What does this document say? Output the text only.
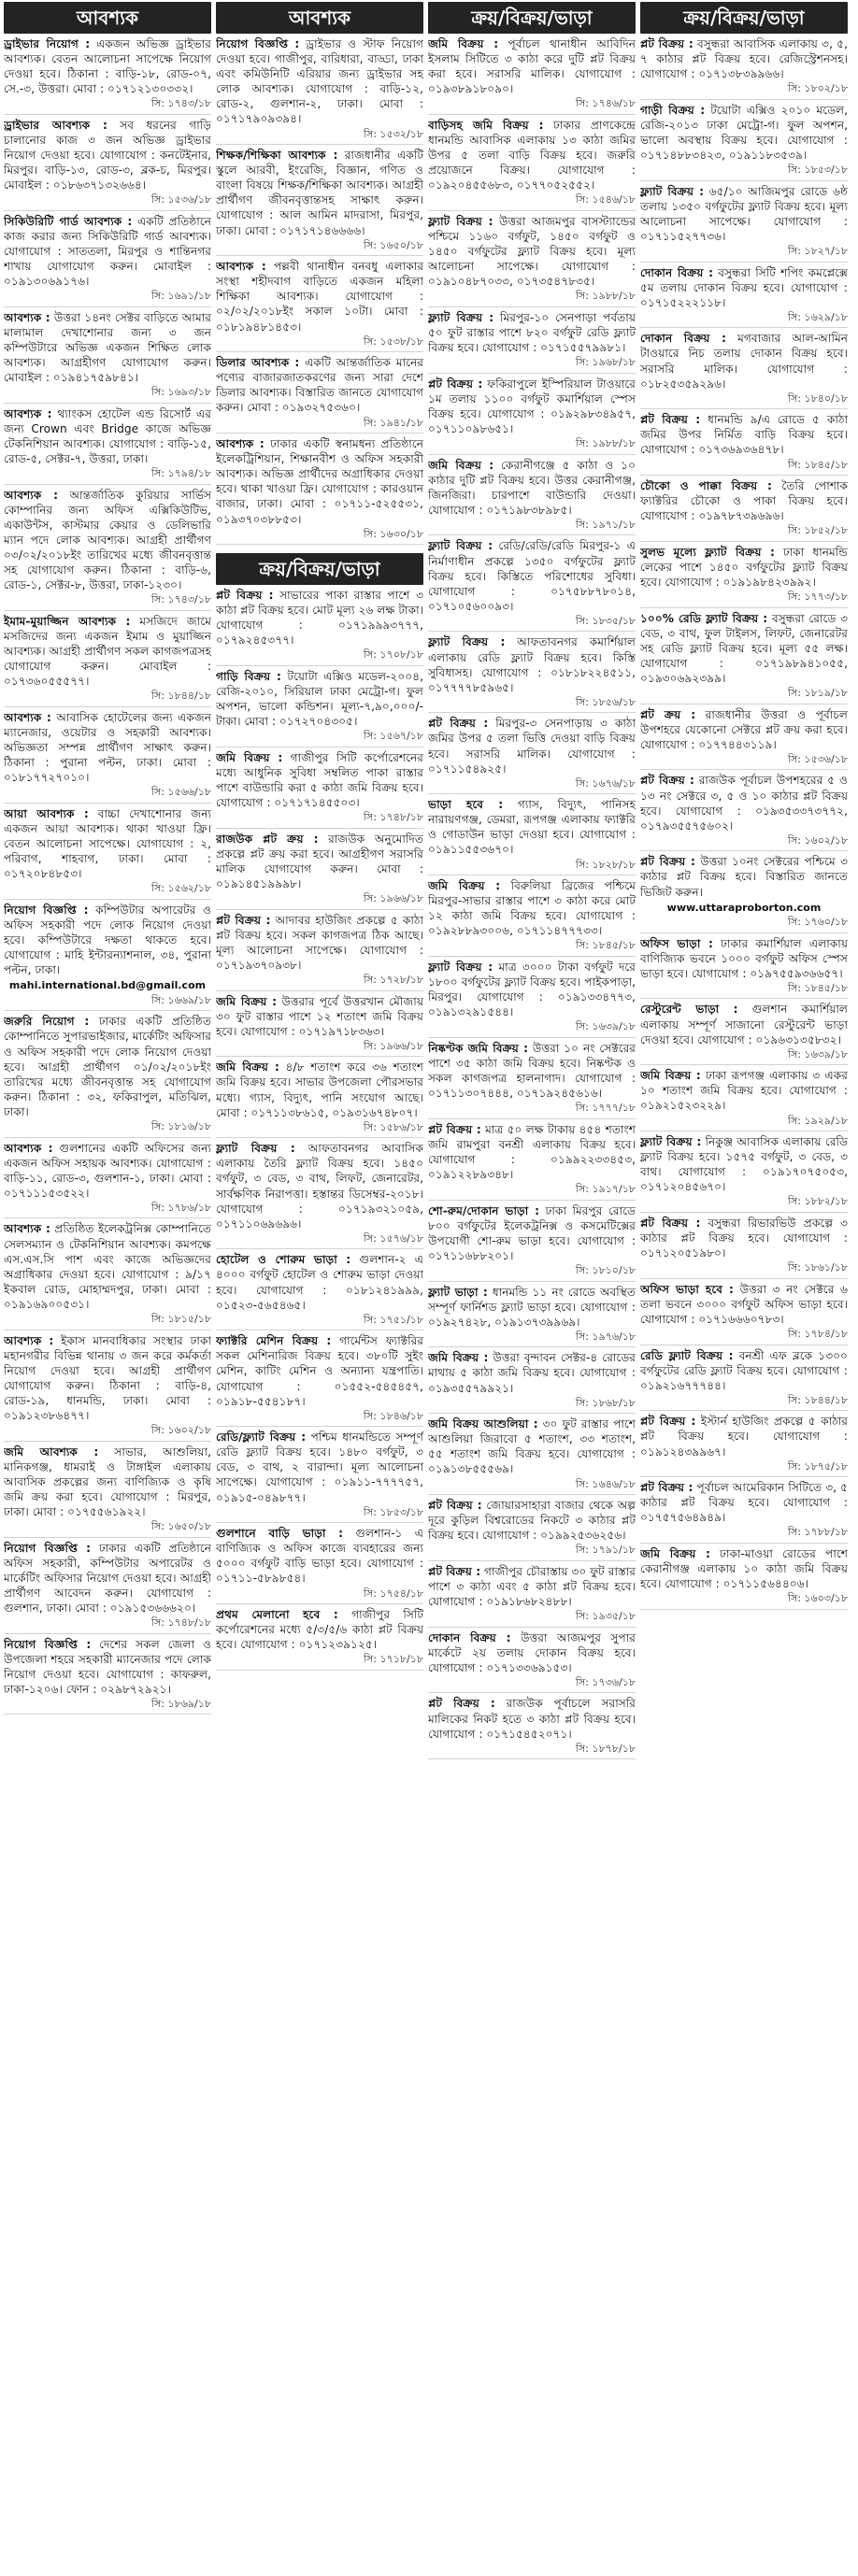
আবশ্যক
ড্রাইভার নিয়োগ : একজন অভিজ্ঞ ড্রাইভার আবশ্যক। বেতন আলোচনা সাপেক্ষে নিয়োগ দেওয়া হবে। ঠিকানা : বাড়ি-১৮, রোড-০৭, সে.-৩, উত্তরা। মোবা : ০১৭১২১৩০৩৩২।
সি: ১৭৪৩/১৮
ড্রাইভার আবশ্যক : সব ধরনের গাড়ি চালানোর কাজ ৩ জন অভিজ্ঞ ড্রাইভার নিয়োগ দেওয়া হবে। যোগাযোগ : কনটেইনার, মিরপুর। বাড়ি-১৩, রোড-৩, ব্লক-চ, মিরপুর। মোবাইল : ০১৮৬৩৭১৩২৬৬৪।
সি: ১৫৩৬/১৮
সিকিউরিটি গার্ড আবশ্যক : একটি প্রতিষ্ঠানে কাজ করার জন্য সিকিউরিটি গার্ড আবশ্যক। যোগাযোগ : সাততলা, মিরপুর ও শান্তিনগর শাখায় যোগাযোগ করুন। মোবাইল : ০১৯১৩০৬৯১৭৬।
সি: ১৬৯১/১৮
আবশ্যক : উত্তরা ১৪নং সেক্টর বাড়িতে আমার মালামাল দেখাশোনার জন্য ৩ জন কম্পিউটারে অভিজ্ঞ একজন শিক্ষিত লোক আবশ্যক। আগ্রহীগণ যোগাযোগ করুন। মোবাইল : ০১৯৪১৭৫৯৮৪১।
সি: ১৬৯৩/১৮
আবশ্যক : থ্যাংকস হোটেল এন্ড রিসোর্ট এর জন্য Crown এবং Bridge কাজে অভিজ্ঞ টেকনিশিয়ান আবশ্যক। যোগাযোগ : বাড়ি-১৫, রোড-৫, সেক্টর-৭, উত্তরা, ঢাকা।
সি: ১৭৯৪/১৮
আবশ্যক : আন্তর্জাতিক কুরিয়ার সার্ভিস কোম্পানির জন্য অফিস এক্সিকিউটিভ, একাউন্টস, কাস্টমার কেয়ার ও ডেলিভারি ম্যান পদে লোক আবশ্যক। আগ্রহী প্রার্থীগণ ০৩/০২/২০১৮ইং তারিখের মধ্যে জীবনবৃত্তান্ত সহ যোগাযোগ করুন। ঠিকানা : বাড়ি-৬, রোড-১, সেক্টর-৮, উত্তরা, ঢাকা-১২৩০।
সি: ১৭৪৩/১৮
ইমাম-মুয়াজ্জিন আবশ্যক : মসজিদে জামে মসজিদের জন্য একজন ইমাম ও মুয়াজ্জিন আবশ্যক। আগ্রহী প্রার্থীগণ সকল কাগজপত্রসহ যোগাযোগ করুন। মোবাইল : ০১৭৩৬০৫৫৫৭৭।
সি: ১৮৪৪/১৮
আবশ্যক : আবাসিক হোটেলের জন্য একজন ম্যানেজার, ওয়েটার ও সহকারী আবশ্যক। অভিজ্ঞতা সম্পন্ন প্রার্থীগণ সাক্ষাৎ করুন। ঠিকানা : পুরানা পল্টন, ঢাকা। মোবা : ০১৮১৭৭২৭০১০।
সি: ১৫৬৬/১৮
আয়া আবশ্যক : বাচ্চা দেখাশোনার জন্য একজন আয়া আবশ্যক। থাকা খাওয়া ফ্রি। বেতন আলোচনা সাপেক্ষে। যোগাযোগ : ২, পরিবাগ, শাহবাগ, ঢাকা। মোবা : ০১৭২০৮৪৮৫৩।
সি: ১৫৬২/১৮
নিয়োগ বিজ্ঞপ্তি : কম্পিউটার অপারেটর ও অফিস সহকারী পদে লোক নিয়োগ দেওয়া হবে। কম্পিউটারে দক্ষতা থাকতে হবে। যোগাযোগ : মাহি ইন্টারন্যাশনাল, ৩৪, পুরানা পল্টন, ঢাকা।
mahi.international.bd@gmail.com
সি: ১৬৬৯/১৮
জরুরি নিয়োগ : ঢাকার একটি প্রতিষ্ঠিত কোম্পানিতে সুপারভাইজার, মার্কেটিং অফিসার ও অফিস সহকারী পদে লোক নিয়োগ দেওয়া হবে। আগ্রহী প্রার্থীগণ ০১/০২/২০১৮ইং তারিখের মধ্যে জীবনবৃত্তান্ত সহ যোগাযোগ করুন। ঠিকানা : ৩২, ফকিরাপুল, মতিঝিল, ঢাকা।
সি: ১৮১৬/১৮
আবশ্যক : গুলশানের একটি অফিসের জন্য একজন অফিস সহায়ক আবশ্যক। যোগাযোগ : বাড়ি-১১, রোড-৩, গুলশান-১, ঢাকা। মোবা : ০১৭১১১৫৩৫২২।
সি: ১৭৮৬/১৮
আবশ্যক : প্রতিষ্ঠিত ইলেকট্রনিক্স কোম্পানিতে সেলসম্যান ও টেকনিশিয়ান আবশ্যক। কমপক্ষে এস.এস.সি পাশ এবং কাজে অভিজ্ঞদের অগ্রাধিকার দেওয়া হবে। যোগাযোগ : ৯/১৭ ইকবাল রোড, মোহাম্মদপুর, ঢাকা। মোবা : ০১৯১৬৯০০৫৩১।
সি: ১৮১৫/১৮
আবশ্যক : ইকাস মানবাধিকার সংস্থার ঢাকা মহানগরীর বিভিন্ন থানায় ৩ জন করে কর্মকর্তা নিয়োগ দেওয়া হবে। আগ্রহী প্রার্থীগণ যোগাযোগ করুন। ঠিকানা : বাড়ি-৪, রোড-১৯, ধানমন্ডি, ঢাকা। মোবা : ০১৯১২৩৮৬৪৭৭।
সি: ১৬০২/১৮
জমি আবশ্যক : সাভার, আশুলিয়া, মানিকগঞ্জ, ধামরাই ও টাঙ্গাইল এলাকায় আবাসিক প্রকল্পের জন্য বাণিজ্যিক ও কৃষি জমি ক্রয় করা হবে। যোগাযোগ : মিরপুর, ঢাকা। মোবা : ০১৭৫৫৬১৯২২।
সি: ১৬৫০/১৮
নিয়োগ বিজ্ঞপ্তি : ঢাকার একটি প্রতিষ্ঠানে অফিস সহকারী, কম্পিউটার অপারেটর ও মার্কেটিং অফিসার নিয়োগ দেওয়া হবে। আগ্রহী প্রার্থীগণ আবেদন করুন। যোগাযোগ : গুলশান, ঢাকা। মোবা : ০১৯১৫৩৬৬৬২০।
সি: ১৭৪৮/১৮
নিয়োগ বিজ্ঞপ্তি : দেশের সকল জেলা ও উপজেলা শহরে সহকারী ম্যানেজার পদে লোক নিয়োগ দেওয়া হবে। যোগাযোগ : কাফরুল, ঢাকা-১২০৬। ফোন : ০২৯৮৭২৯২১।
সি: ১৮৬৯/১৮
আবশ্যক
নিয়োগ বিজ্ঞপ্তি : ড্রাইভার ও স্টাফ নিয়োগ দেওয়া হবে। গাজীপুর, বারিধারা, বাড্ডা, ঢাকা এবং কমিউনিটি এরিয়ার জন্য ড্রাইভার সহ লোক আবশ্যক। যোগাযোগ : বাড়ি-১২, রোড-২, গুলশান-২, ঢাকা। মোবা : ০১৭১৭৯০৯৩৯৪।
সি: ১৫৩২/১৮
শিক্ষক/শিক্ষিকা আবশ্যক : রাজধানীর একটি স্কুলে আরবী, ইংরেজি, বিজ্ঞান, গণিত ও বাংলা বিষয়ে শিক্ষক/শিক্ষিকা আবশ্যক। আগ্রহী প্রার্থীগণ জীবনবৃত্তান্তসহ সাক্ষাৎ করুন। যোগাযোগ : আল আমিন মাদরাসা, মিরপুর, ঢাকা। মোবা : ০১৭১৭১৪৬৬৬৬।
সি: ১৬৫০/১৮
আবশ্যক : পল্লবী থানাধীন বনবধু এলাকার সংস্থা শহীদবাগ বাড়িতে একজন মহিলা শিক্ষিকা আবশ্যক। যোগাযোগ : ০২/০২/২০১৮ইং সকাল ১০টা। মোবা : ০১৮১৯৪৮১৪৫৩।
সি: ১৫৩৮/১৮
ডিলার আবশ্যক : একটি আন্তর্জাতিক মানের পণ্যের বাজারজাতকরণের জন্য সারা দেশে ডিলার আবশ্যক। বিস্তারিত জানতে যোগাযোগ করুন। মোবা : ০১৯৩২৭৫৩৬০।
সি: ১৯৪১/১৮
আবশ্যক : ঢাকার একটি স্বনামধন্য প্রতিষ্ঠানে ইলেকট্রিশিয়ান, শিক্ষানবীশ ও অফিস সহকারী আবশ্যক। অভিজ্ঞ প্রার্থীদের অগ্রাধিকার দেওয়া হবে। থাকা খাওয়া ফ্রি। যোগাযোগ : কারওয়ান বাজার, ঢাকা। মোবা : ০১৭১১-৫২৫৫৩১, ০১৯৩৭০৩৮৮৫৩।
সি: ১৬৩০/১৮
ক্রয়/বিক্রয়/ভাড়া
প্লট বিক্রয় : সাভারের পাকা রাস্তার পাশে ৩ কাঠা প্লট বিক্রয় হবে। মোট মূল্য ২৬ লক্ষ টাকা। যোগাযোগ : ০১৭১৯৯৯৩৭৭৭, ০১৭৯২৪৫৩৭৭।
সি: ১৭০৮/১৮
গাড়ি বিক্রয় : টয়োটা এক্সিও মডেল-২০০৪, রেজি-২০১০, সিরিয়াল ঢাকা মেট্রো-গ। ফুল অপশন, ভালো কন্ডিশন। মূল্য-৭,৯০,০০০/- টাকা। মোবা : ০১৭২৭০৪৩০৫।
সি: ১৫৬৭/১৮
জমি বিক্রয় : গাজীপুর সিটি কর্পোরেশনের মধ্যে আধুনিক সুবিধা সম্বলিত পাকা রাস্তার পাশে বাউন্ডারি করা ৫ কাঠা জমি বিক্রয় হবে। যোগাযোগ : ০১৭১৭১৪৫৫০৩।
সি: ১৭৪৮/১৮
রাজউক প্লট ক্রয় : রাজউক অনুমোদিত প্রকল্পে প্লট ক্রয় করা হবে। আগ্রহীগণ সরাসরি মালিক যোগাযোগ করুন। মোবা : ০১৯১৪৫১৯৯৯৮।
সি: ১৯৬৬/১৮
প্লট বিক্রয় : আদাবর হাউজিং প্রকল্পে ৫ কাঠা প্লট বিক্রয় হবে। সকল কাগজপত্র ঠিক আছে। মূল্য আলোচনা সাপেক্ষে। যোগাযোগ : ০১৭১৯৩৭০৯৩৮।
সি: ১৭২৮/১৮
জমি বিক্রয় : উত্তরার পূর্বে উত্তরখান মৌজায় ৩০ ফুট রাস্তার পাশে ১২ শতাংশ জমি বিক্রয় হবে। যোগাযোগ : ০১৭১৯৭১৮৩৬৩।
সি: ১৯৬৬/১৮
জমি বিক্রয় : ৪/৮ শতাংশ করে ৩৬ শতাংশ জমি বিক্রয় হবে। সাভার উপজেলা পৌরসভার মধ্যে। গ্যাস, বিদ্যুৎ, পানি সংযোগ আছে। মোবা : ০১৭১১৩৮৬১৫, ০১৯৩১৬৭৪৮০৭।
সি: ১৫৮৬/১৮
ফ্ল্যাট বিক্রয় : আফতাবনগর আবাসিক এলাকায় তৈরি ফ্ল্যাট বিক্রয় হবে। ১৪৫০ বর্গফুট, ৩ বেড, ৩ বাথ, লিফট, জেনারেটর, সার্বক্ষণিক নিরাপত্তা। হস্তান্তর ডিসেম্বর-২০১৮। যোগাযোগ : ০১৭১৯৩২১০৫৯, ০১৭১১০৬৯৬৯৬।
সি: ১৫৭৬/১৮
হোটেল ও শোরুম ভাড়া : গুলশান-২ এ ৪০০০ বর্গফুট হোটেল ও শোরুম ভাড়া দেওয়া হবে। যোগাযোগ : ০১৮১২৪১৯৯৯, ০১৫২৩-৫৬৫৪৬৫।
সি: ১৭৫১/১৮
ফ্যাক্টরি মেশিন বিক্রয় : গার্মেন্টস ফ্যাক্টরির সকল মেশিনারিজ বিক্রয় হবে। ৩৮০টি সুইং মেশিন, কাটিং মেশিন ও অন্যান্য যন্ত্রপাতি। যোগাযোগ : ০১৫৫২-৫৪৫৪৫৭, ০১৯১৮-৫৫৪১৮৭।
সি: ১৮৪৬/১৮
রেডি/ফ্ল্যাট বিক্রয় : পশ্চিম ধানমন্ডিতে সম্পূর্ণ রেডি ফ্ল্যাট বিক্রয় হবে। ১৪৮০ বর্গফুট, ৩ বেড, ৩ বাথ, ২ বারান্দা। মূল্য আলোচনা সাপেক্ষে। যোগাযোগ : ০১৯১১-৭৭৭৭৫৭, ০১৯১৫-০৪৯৮৭৭।
সি: ১৮৫৩/১৮
গুলশানে বাড়ি ভাড়া : গুলশান-১ এ বাণিজ্যিক ও অফিস কাজে ব্যবহারের জন্য ৫০০০ বর্গফুট বাড়ি ভাড়া হবে। যোগাযোগ : ০১৭১১-৫৮৯৮৫৪।
সি: ১৭৫৪/১৮
প্রথম মেলানো হবে : গাজীপুর সিটি কর্পোরেশনের মধ্যে ৫/৩/৫/৬ কাঠা প্লট বিক্রয় হবে। যোগাযোগ : ০১৭১২৩৯১২৫।
সি: ১৭১৮/১৮
ক্রয়/বিক্রয়/ভাড়া
জমি বিক্রয় : পূর্বাচল থানাধীন আবিদিন ইসলাম সিটিতে ৩ কাঠা করে দুটি প্লট বিক্রয় করা হবে। সরাসরি মালিক। যোগাযোগ : ০১৯৩৮৯১৮০৯০।
সি: ১৭৪৬/১৮
বাড়িসহ জমি বিক্রয় : ঢাকার প্রাণকেন্দ্রে ধানমন্ডি আবাসিক এলাকায় ১৩ কাঠা জমির উপর ৫ তলা বাড়ি বিক্রয় হবে। জরুরি প্রয়োজনে বিক্রয়। যোগাযোগ : ০১৯২০৪৫৫৬৮৩, ০১৭৭০৫২৫৫২।
সি: ১৫৪৬/১৮
ফ্ল্যাট বিক্রয় : উত্তরা আজমপুর বাসস্ট্যান্ডের পশ্চিমে ১১৬০ বর্গফুট, ১৪৫০ বর্গফুট ও ১৪৫০ বর্গফুটের ফ্ল্যাট বিক্রয় হবে। মূল্য আলোচনা সাপেক্ষে। যোগাযোগ : ০১৯১০৪৮৭০৩৩, ০১৭৩৫৪৭৮৩৫।
সি: ১৯৮৮/১৮
ফ্ল্যাট বিক্রয় : মিরপুর-১০ সেনপাড়া পর্বতায় ৫০ ফুট রাস্তার পাশে ৮২০ বর্গফুট রেডি ফ্ল্যাট বিক্রয় হবে। যোগাযোগ : ০১৭১৫৫৭৯৯৮১।
সি: ১৯৬৮/১৮
প্লট বিক্রয় : ফকিরাপুলে ইস্পিরিয়াল টাওয়ারে ১ম তলায় ১১০০ বর্গফুট কমার্শিয়াল স্পেস বিক্রয় হবে। যোগাযোগ : ০১৯২৯৮৩৪৯৫৭, ০১৭১১০৯৮৬৫১।
সি: ১৯৮৮/১৮
জমি বিক্রয় : কেরানীগঞ্জে ৫ কাঠা ও ১০ কাঠার দুটি প্লট বিক্রয় হবে। উত্তর কেরানীগঞ্জ, জিনজিরা। চারপাশে বাউন্ডারি দেওয়া। যোগাযোগ : ০১৭১৯৮৩৮৯৮৫।
সি: ১৯৭১/১৮
ফ্ল্যাট বিক্রয় : রেডি/রেডি/রেডি মিরপুর-১ এ নির্মাণাধীন প্রকল্পে ১৩৫০ বর্গফুটের ফ্ল্যাট বিক্রয় হবে। কিস্তিতে পরিশোধের সুবিধা। যোগাযোগ : ০১৭৫৮৮৭৮০১৪, ০১৭১০৫৬০০৯৩।
সি: ১৮৩৫/১৮
ফ্ল্যাট বিক্রয় : আফতাবনগর কমার্শিয়াল এলাকায় রেডি ফ্ল্যাট বিক্রয় হবে। কিস্তি সুবিধাসহ। যোগাযোগ : ০১৮১৮২২৪৫১১, ০১৭৭৭৭৮৫৯৬৫।
সি: ১৮৫৬/১৮
প্লট বিক্রয় : মিরপুর-৩ সেনপাড়ায় ৩ কাঠা জমির উপর ৫ তলা ভিত্তি দেওয়া বাড়ি বিক্রয় হবে। সরাসরি মালিক। যোগাযোগ : ০১৭১১৫৪৯২৫।
সি: ১৬৭৬/১৮
ভাড়া হবে : গ্যাস, বিদ্যুৎ, পানিসহ নারায়ণগঞ্জ, ডেমরা, রূপগঞ্জ এলাকায় ফ্যাক্টরি ও গোডাউন ভাড়া দেওয়া হবে। যোগাযোগ : ০১৯১১৫৫৩৬৭০।
সি: ১৮২৮/১৮
জমি বিক্রয় : বিরুলিয়া ব্রিজের পশ্চিমে মিরপুর-সাভার রাস্তার পাশে ৩ কাঠা করে মোট ১২ কাঠা জমি বিক্রয় হবে। যোগাযোগ : ০১৯২৮৮৯৩০০৬, ০১৭১১৪৭৭৭৩৩।
সি: ১৮৪৫/১৮
ফ্ল্যাট বিক্রয় : মাত্র ৩০০০ টাকা বর্গফুট দরে ১৮০০ বর্গফুটের ফ্ল্যাট বিক্রয় হবে। পাইকপাড়া, মিরপুর। যোগাযোগ : ০১৯১৩৩৪৭৭৩, ০১৯১৩২৯১৫৪৪।
সি: ১৬৩৯/১৮
নিষ্কণ্টক জমি বিক্রয় : উত্তরা ১০ নং সেক্টরের পাশে ৩৫ কাঠা জমি বিক্রয় হবে। নিষ্কণ্টক ও সকল কাগজপত্র হালনাগাদ। যোগাযোগ : ০১৭১১৩০৭৪৪৪, ০১৭১৯২৪৫৬১৬।
সি: ১৭৭৭/১৮
প্লট বিক্রয় : মাত্র ৫০ লক্ষ টাকায় ৪৫৪ শতাংশ জমি রামপুরা বনশ্রী এলাকায় বিক্রয় হবে। যোগাযোগ : ০১৯৯২২৩৩৪৫৩, ০১৯১২২৮৯৩৪৮।
সি: ১৯১৭/১৮
শো-রুম/দোকান ভাড়া : ঢাকা মিরপুর রোডে ৮০০ বর্গফুটের ইলেকট্রনিক্স ও কসমেটিক্সের উপযোগী শো-রুম ভাড়া হবে। যোগাযোগ : ০১৭১১৬৮৮২০১।
সি: ১৮১০/১৮
ফ্ল্যাট ভাড়া : ধানমন্ডি ১১ নং রোডে অবস্থিত সম্পূর্ণ ফার্নিশড ফ্ল্যাট ভাড়া হবে। যোগাযোগ : ০১৯২৭৪২৮, ০১৯১৩৭৩৯৯৬৯।
সি: ১৯৭৬/১৮
জমি বিক্রয় : উত্তরা বৃন্দাবন সেক্টর-৪ রোডের মাথায় ৫ কাঠা জমি বিক্রয় হবে। যোগাযোগ : ০১৯৩৫৫৭৯৯২১।
সি: ১৮৬৮/১৮
জমি বিক্রয় আশুলিয়া : ৩০ ফুট রাস্তার পাশে আশুলিয়া জিরাবো ৫ শতাংশ, ৩৩ শতাংশ, ৫৫ শতাংশ জমি বিক্রয় হবে। যোগাযোগ : ০১৯১৩৮৫৫৫৬৯।
সি: ১৬৪৬/১৮
প্লট বিক্রয় : জোয়ারসাহারা বাজার থেকে অল্প দূরে কুড়িল বিশ্বরোডের নিকটে ৩ কাঠার প্লট বিক্রয় হবে। যোগাযোগ : ০১৯৯২৫৩৬২৫৬।
সি: ১৭৯১/১৮
প্লট বিক্রয় : গাজীপুর চৌরাস্তায় ৩০ ফুট রাস্তার পাশে ৩ কাঠা এবং ৫ কাঠা প্লট বিক্রয় হবে। যোগাযোগ : ০১৯১৮৬৮২৪৮৮।
সি: ১৯৩৫/১৮
দোকান বিক্রয় : উত্তরা আজমপুর সুপার মার্কেটে ২য় তলায় দোকান বিক্রয় হবে। যোগাযোগ : ০১৭১৩৩৬৯১৫৩।
সি: ১৭৩৬/১৮
প্লট বিক্রয় : রাজউক পূর্বাচলে সরাসরি মালিকের নিকট হতে ৩ কাঠা প্লট বিক্রয় হবে। যোগাযোগ : ০১৭১৫৪৫২০৭১।
সি: ১৮৭৮/১৮
ক্রয়/বিক্রয়/ভাড়া
প্লট বিক্রয় : বসুন্ধরা আবাসিক এলাকায় ৩, ৫, ৭ কাঠার প্লট বিক্রয় হবে। রেজিস্ট্রেশনসহ। যোগাযোগ : ০১৭১৩৮৩৯৯৬৬।
সি: ১৮০২/১৮
গাড়ী বিক্রয় : টয়োটা এক্সিও ২০১০ মডেল, রেজি-২০১৩ ঢাকা মেট্রো-গ। ফুল অপশন, ভালো অবস্থায় বিক্রয় হবে। যোগাযোগ : ০১৭১৪৮৮৩৪২৩, ০১৯১১৮৩৫৩৯।
সি: ১৮৫৩/১৮
ফ্ল্যাট বিক্রয় : ৬৫/১০ আজিমপুর রোডে ৬ষ্ঠ তলায় ১৩৫০ বর্গফুটের ফ্ল্যাট বিক্রয় হবে। মূল্য আলোচনা সাপেক্ষে। যোগাযোগ : ০১৭১১৫২৭৭৩৬।
সি: ১৮২৭/১৮
দোকান বিক্রয় : বসুন্ধরা সিটি শপিং কমপ্লেক্সে ৫ম তলায় দোকান বিক্রয় হবে। যোগাযোগ : ০১৭১৫২২২১১৮।
সি: ১৬২৯/১৮
দোকান বিক্রয় : মগবাজার আল-আমিন টাওয়ারে নিচ তলায় দোকান বিক্রয় হবে। সরাসরি মালিক। যোগাযোগ : ০১৮২৫৩৫৯২৯৬।
সি: ১৮৪০/১৮
প্লট বিক্রয় : ধানমন্ডি ৯/এ রোডে ৫ কাঠা জমির উপর নির্মিত বাড়ি বিক্রয় হবে। যোগাযোগ : ০১৭৩৬৯৩৬৪৭৮।
সি: ১৮৪৫/১৮
চৌকো ও পাক্কা বিক্রয় : তৈরি পোশাক ফ্যাক্টরির চৌকো ও পাকা বিক্রয় হবে। যোগাযোগ : ০১৯৭৮৭৩৯৬৯৬।
সি: ১৮৫২/১৮
সুলভ মূল্যে ফ্ল্যাট বিক্রয় : ঢাকা ধানমন্ডি লেকের পাশে ১৪৫০ বর্গফুটের ফ্ল্যাট বিক্রয় হবে। যোগাযোগ : ০১৯১৯৮৪২৩৯৯২।
সি: ১৭৭৩/১৮
১০০% রেডি ফ্ল্যাট বিক্রয় : বসুন্ধরা রোডে ৩ বেড, ৩ বাথ, ফুল টাইলস, লিফট, জেনারেটর সহ রেডি ফ্ল্যাট বিক্রয় হবে। মূল্য ৫৫ লক্ষ। যোগাযোগ : ০১৭১৯৮৯৪১০৫৫, ০১৯৩০৬৯২৩৯৯।
সি: ১৮১৯/১৮
প্লট ক্রয় : রাজধানীর উত্তরা ও পূর্বাচল উপশহরে যেকোনো সেক্টরে প্লট ক্রয় করা হবে। যোগাযোগ : ০১৭৭৪৪৩১১৯।
সি: ১৫৩৬/১৮
প্লট বিক্রয় : রাজউক পূর্বাচল উপশহরের ৫ ও ১৩ নং সেক্টরে ৩, ৫ ও ১০ কাঠার প্লট বিক্রয় হবে। যোগাযোগ : ০১৯৩৫৩৩৭৩৭৭২, ০১৭৯৩৫৫৭৫৬০২।
সি: ১৬০২/১৮
প্লট বিক্রয় : উত্তরা ১০নং সেক্টরের পশ্চিমে ৩ কাঠার প্লট বিক্রয় হবে। বিস্তারিত জানতে ভিজিট করুন।
www.uttaraproborton.com
সি: ১৭৬০/১৮
অফিস ভাড়া : ঢাকার কমার্শিয়াল এলাকায় বাণিজ্যিক ভবনে ১০০০ বর্গফুট অফিস স্পেস ভাড়া হবে। যোগাযোগ : ০১৯৭৫৫৯৩৬৬৫৭।
সি: ১৮৪৫/১৮
রেস্টুরেন্ট ভাড়া : গুলশান কমার্শিয়াল এলাকায় সম্পূর্ণ সাজানো রেস্টুরেন্ট ভাড়া দেওয়া হবে। যোগাযোগ : ০১৯৬৩১৩৫৮৩২।
সি: ১৬৩৯/১৮
জমি বিক্রয় : ঢাকা রূপগঞ্জ এলাকায় ৩ একর ১০ শতাংশ জমি বিক্রয় হবে। যোগাযোগ : ০১৯২১৫২৩২২৯।
সি: ১৯২৯/১৮
ফ্ল্যাট বিক্রয় : নিকুঞ্জ আবাসিক এলাকায় রেডি ফ্ল্যাট বিক্রয় হবে। ১৫৭৫ বর্গফুট, ৩ বেড, ৩ বাথ। যোগাযোগ : ০১৯১৭০৭৫০৫৩, ০১৭১২০৪৫৬৭০।
সি: ১৮৮২/১৮
প্লট বিক্রয় : বসুন্ধরা রিভারভিউ প্রকল্পে ৩ কাঠার প্লট বিক্রয় হবে। যোগাযোগ : ০১৭১২০৫১৯৮০।
সি: ১৮৬১/১৮
অফিস ভাড়া হবে : উত্তরা ৩ নং সেক্টরে ৬ তলা ভবনে ৩০০০ বর্গফুট অফিস ভাড়া হবে। যোগাযোগ : ০১৭১৬৬৬০৭৮৩।
সি: ১৭৮৪/১৮
রেডি ফ্ল্যাট বিক্রয় : বনশ্রী এফ ব্লকে ১৩০০ বর্গফুটের রেডি ফ্ল্যাট বিক্রয় হবে। যোগাযোগ : ০১৯২১৬৭৭৭৪৪।
সি: ১৮৪৪/১৮
প্লট বিক্রয় : ইস্টার্ন হাউজিং প্রকল্পে ৫ কাঠার প্লট বিক্রয় হবে। যোগাযোগ : ০১৯১২৪৩৯৯৬৭।
সি: ১৮৭৫/১৮
প্লট বিক্রয় : পূর্বাচল আমেরিকান সিটিতে ৩, ৫ কাঠার প্লট বিক্রয় হবে। যোগাযোগ : ০১৭৫৭৫৬৪৯৪৯।
সি: ১৭৮৮/১৮
জমি বিক্রয় : ঢাকা-মাওয়া রোডের পাশে কেরানীগঞ্জ এলাকায় ১০ কাঠা জমি বিক্রয় হবে। যোগাযোগ : ০১৭১১৫৬৪৪০৬।
সি: ১৬০৩/১৮
